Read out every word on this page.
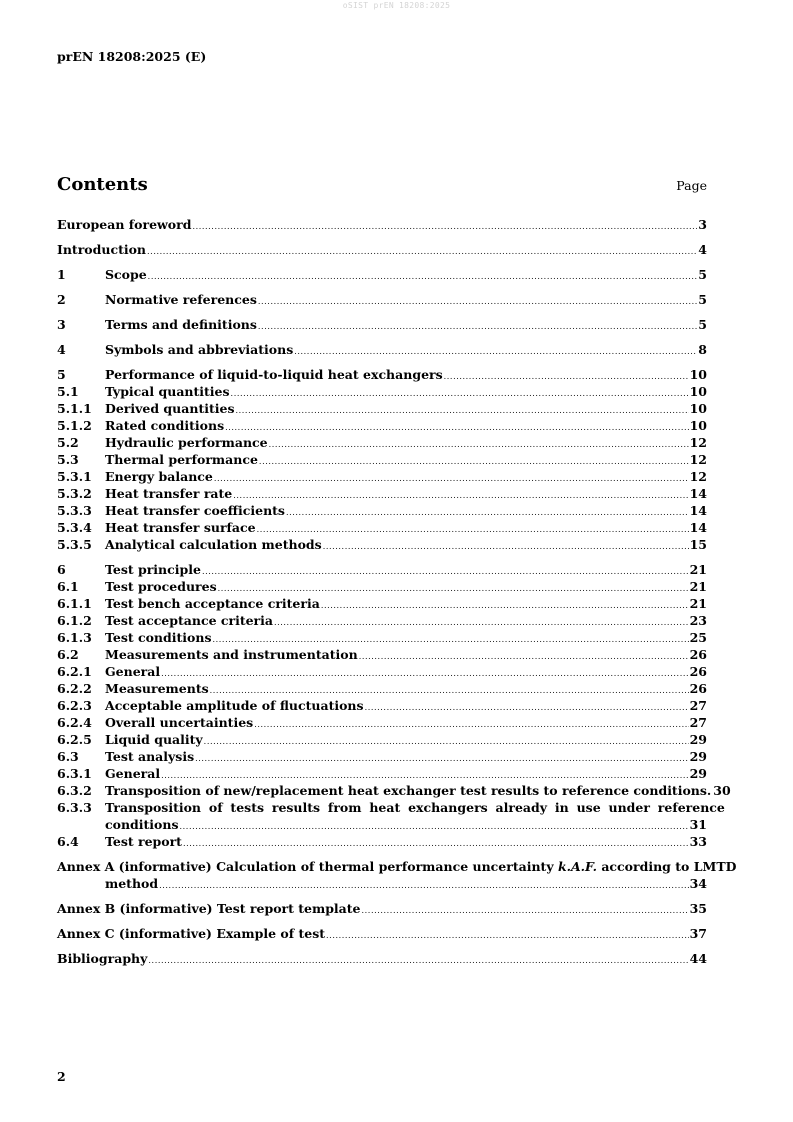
oSIST prEN 18208:2025
prEN 18208:2025 (E)
Contents	Page
European foreword .....	3
Introduction .....	4
1	Scope .....	5
2	Normative references .....	5
3	Terms and definitions .....	5
4	Symbols and abbreviations .....	8
5	Performance of liquid-to-liquid heat exchangers .....	10
5.1	Typical quantities .....	10
5.1.1	Derived quantities .....	10
5.1.2	Rated conditions .....	10
5.2	Hydraulic performance .....	12
5.3	Thermal performance .....	12
5.3.1	Energy balance .....	12
5.3.2	Heat transfer rate .....	14
5.3.3	Heat transfer coefficients .....	14
5.3.4	Heat transfer surface .....	14
5.3.5	Analytical calculation methods .....	15
6	Test principle .....	21
6.1	Test procedures .....	21
6.1.1	Test bench acceptance criteria .....	21
6.1.2	Test acceptance criteria .....	23
6.1.3	Test conditions .....	25
6.2	Measurements and instrumentation .....	26
6.2.1	General .....	26
6.2.2	Measurements .....	26
6.2.3	Acceptable amplitude of fluctuations .....	27
6.2.4	Overall uncertainties .....	27
6.2.5	Liquid quality .....	29
6.3	Test analysis .....	29
6.3.1	General .....	29
6.3.2	Transposition of new/replacement heat exchanger test results to reference conditions. 30
6.3.3	Transposition of tests results from heat exchangers already in use under reference
conditions .....	31
6.4	Test report .....	33
Annex A (informative) Calculation of thermal performance uncertainty k.A.F. according to LMTD
method .....	34
Annex B (informative) Test report template .....	35
Annex C (informative) Example of test .....	37
Bibliography .....	44
2
